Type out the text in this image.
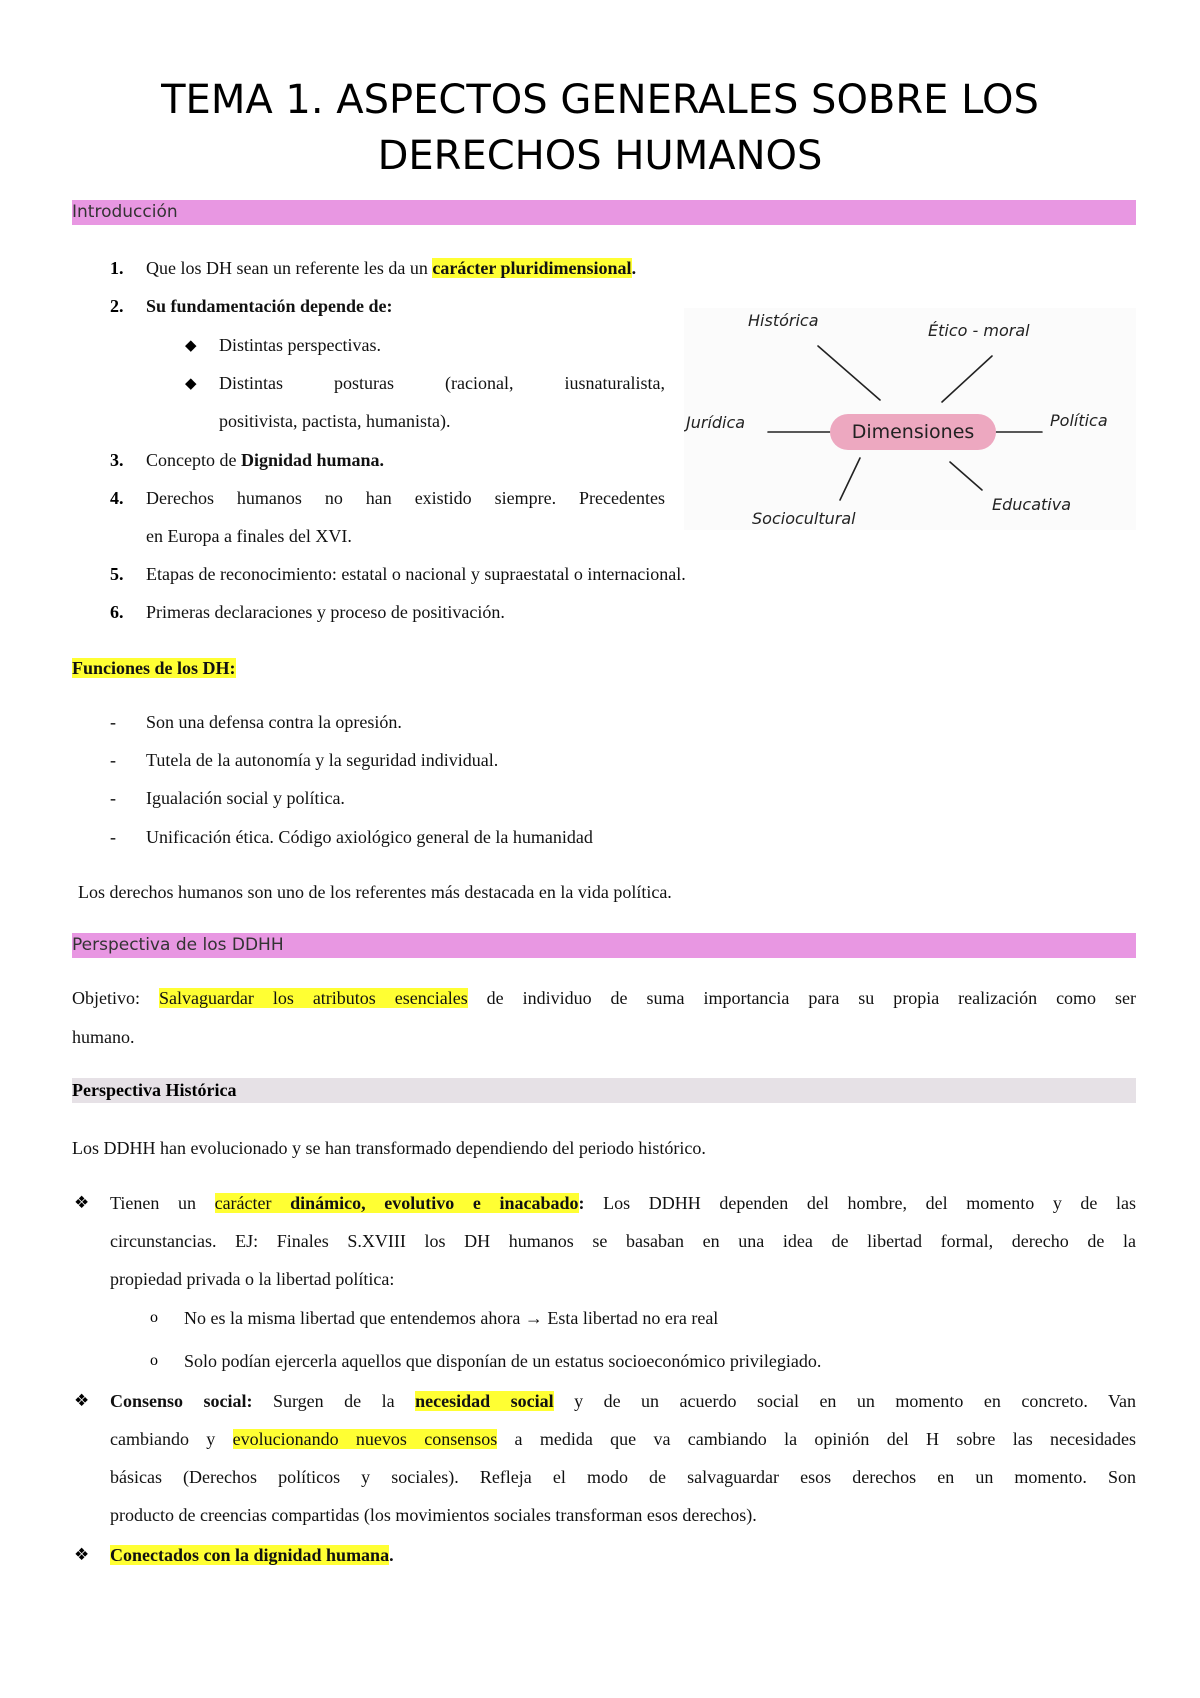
TEMA 1. ASPECTOS GENERALES SOBRE LOS
DERECHOS HUMANOS
Introducción
1. Que los DH sean un referente les da un carácter pluridimensional.
2. Su fundamentación depende de:
◆ Distintas perspectivas.
◆ Distintas posturas (racional, iusnaturalista,
positivista, pactista, humanista).
3. Concepto de Dignidad humana.
4. Derechos humanos no han existido siempre. Precedentes
en Europa a finales del XVI.
5. Etapas de reconocimiento: estatal o nacional y supraestatal o internacional.
6. Primeras declaraciones y proceso de positivación.
Dimensiones
Histórica
Ético - moral
Política
Educativa
Sociocultural
Jurídica
Funciones de los DH:
- Son una defensa contra la opresión.
- Tutela de la autonomía y la seguridad individual.
- Igualación social y política.
- Unificación ética. Código axiológico general de la humanidad
Los derechos humanos son uno de los referentes más destacada en la vida política.
Perspectiva de los DDHH
Objetivo: Salvaguardar los atributos esenciales de individuo de suma importancia para su propia realización como ser
humano.
Perspectiva Histórica
Los DDHH han evolucionado y se han transformado dependiendo del periodo histórico.
❖ Tienen un carácter dinámico, evolutivo e inacabado: Los DDHH dependen del hombre, del momento y de las
circunstancias. EJ: Finales S.XVIII los DH humanos se basaban en una idea de libertad formal, derecho de la
propiedad privada o la libertad política:
o No es la misma libertad que entendemos ahora → Esta libertad no era real
o Solo podían ejercerla aquellos que disponían de un estatus socioeconómico privilegiado.
❖ Consenso social: Surgen de la necesidad social y de un acuerdo social en un momento en concreto. Van
cambiando y evolucionando nuevos consensos a medida que va cambiando la opinión del H sobre las necesidades
básicas (Derechos políticos y sociales). Refleja el modo de salvaguardar esos derechos en un momento. Son
producto de creencias compartidas (los movimientos sociales transforman esos derechos).
❖ Conectados con la dignidad humana.
